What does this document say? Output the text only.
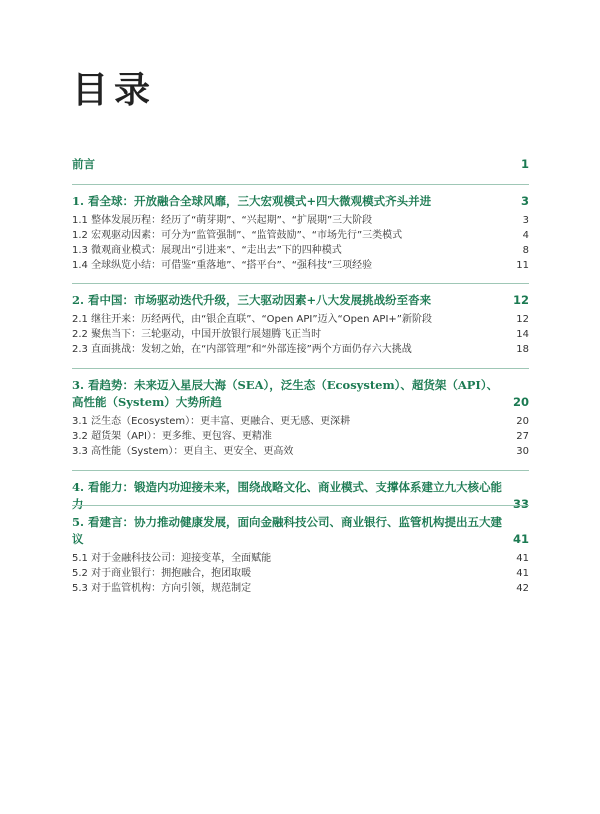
目录
前言	1
1. 看全球：开放融合全球风靡，三大宏观模式+四大微观模式齐头并进	3
1.1 整体发展历程：经历了“萌芽期”、“兴起期”、“扩展期”三大阶段	3
1.2 宏观驱动因素：可分为“监管强制”、“监管鼓励”、“市场先行”三类模式	4
1.3 微观商业模式：展现出“引进来”、“走出去”下的四种模式	8
1.4 全球纵览小结：可借鉴“重落地”、“搭平台”、“强科技”三项经验	11
2. 看中国：市场驱动迭代升级，三大驱动因素+八大发展挑战纷至沓来	12
2.1 继往开来：历经两代，由“银企直联”、“Open API”迈入“Open API+”新阶段	12
2.2 聚焦当下：三轮驱动，中国开放银行展翅腾飞正当时	14
2.3 直面挑战：发轫之始，在“内部管理”和“外部连接”两个方面仍存六大挑战	18
3. 看趋势：未来迈入星辰大海（SEA），泛生态（Ecosystem）、超货架（API）、高性能（System）大势所趋	20
3.1 泛生态（Ecosystem）：更丰富、更融合、更无感、更深耕	20
3.2 超货架（API）：更多维、更包容、更精准	27
3.3 高性能（System）：更自主、更安全、更高效	30
4. 看能力：锻造内功迎接未来，围绕战略文化、商业模式、支撑体系建立九大核心能力	33
5. 看建言：协力推动健康发展，面向金融科技公司、商业银行、监管机构提出五大建议	41
5.1 对于金融科技公司：迎接变革，全面赋能	41
5.2 对于商业银行：拥抱融合，抱团取暖	41
5.3 对于监管机构：方向引领，规范制定	42
